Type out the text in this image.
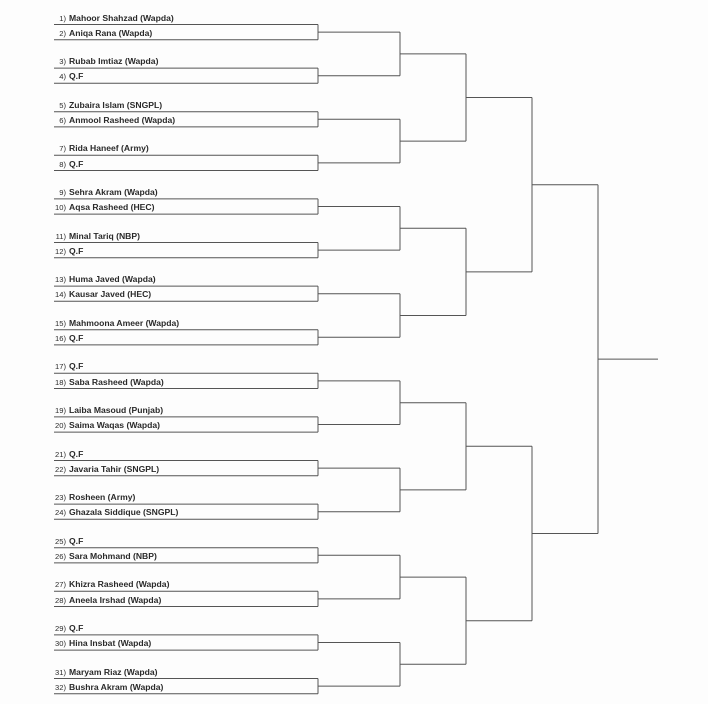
1) Mahoor Shahzad (Wapda)
2) Aniqa Rana (Wapda)
3) Rubab Imtiaz (Wapda)
4) Q.F
5) Zubaira Islam (SNGPL)
6) Anmool Rasheed (Wapda)
7) Rida Haneef (Army)
8) Q.F
9) Sehra Akram (Wapda)
10) Aqsa Rasheed (HEC)
11) Minal Tariq (NBP)
12) Q.F
13) Huma Javed (Wapda)
14) Kausar Javed (HEC)
15) Mahmoona Ameer (Wapda)
16) Q.F
17) Q.F
18) Saba Rasheed (Wapda)
19) Laiba Masoud (Punjab)
20) Saima Waqas (Wapda)
21) Q.F
22) Javaria Tahir (SNGPL)
23) Rosheen (Army)
24) Ghazala Siddique (SNGPL)
25) Q.F
26) Sara Mohmand (NBP)
27) Khizra Rasheed (Wapda)
28) Aneela Irshad (Wapda)
29) Q.F
30) Hina Insbat (Wapda)
31) Maryam Riaz (Wapda)
32) Bushra Akram (Wapda)
